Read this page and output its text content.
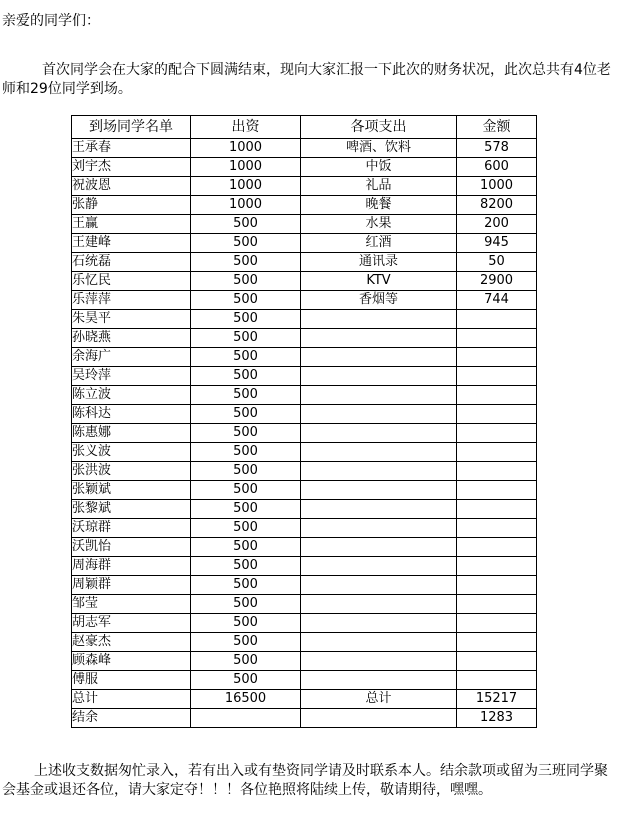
亲爱的同学们：
首次同学会在大家的配合下圆满结束，现向大家汇报一下此次的财务状况，此次总共有4位老师和29位同学到场。
到场同学名单	出资	各项支出	金额
王承春	1000	啤酒、饮料	578
刘宇杰	1000	中饭	600
祝波恩	1000	礼品	1000
张静	1000	晚餐	8200
王赢	500	水果	200
王建峰	500	红酒	945
石统磊	500	通讯录	50
乐忆民	500	KTV	2900
乐萍萍	500	香烟等	744
朱昊平	500		
孙晓燕	500		
余海广	500		
吴玲萍	500		
陈立波	500		
陈科达	500		
陈惠娜	500		
张义波	500		
张洪波	500		
张颖斌	500		
张黎斌	500		
沃琼群	500		
沃凯怡	500		
周海群	500		
周颖群	500		
邹莹	500		
胡志军	500		
赵豪杰	500		
顾森峰	500		
傅服	500		
总计	16500	总计	15217
结余			1283
上述收支数据匆忙录入，若有出入或有垫资同学请及时联系本人。结余款项或留为三班同学聚会基金或退还各位，请大家定夺！！！各位艳照将陆续上传，敬请期待，嘿嘿。
